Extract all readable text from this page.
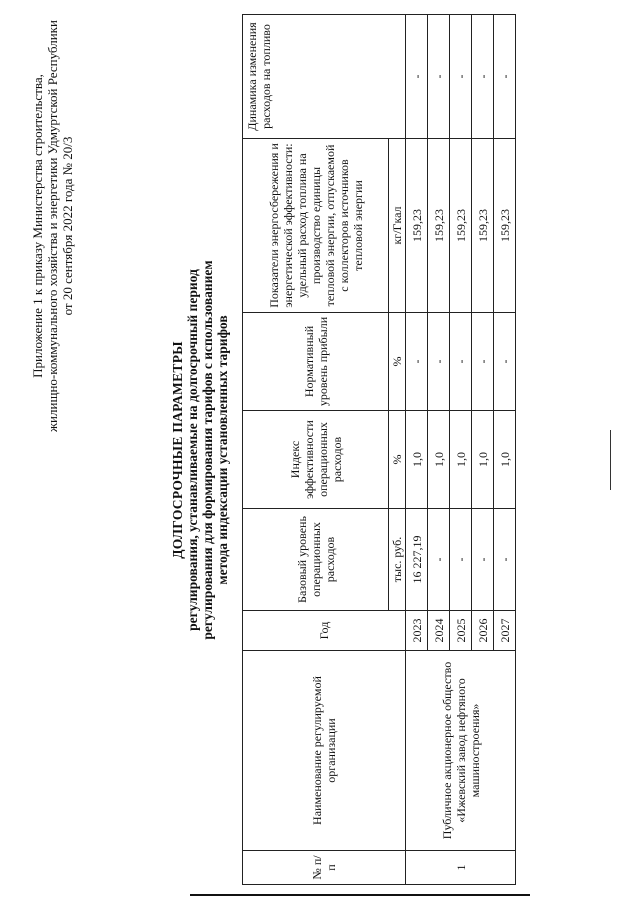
Приложение 1 к приказу Министерства строительства, жилищно-коммунального хозяйства и энергетики Удмуртской Республики от 20 сентября 2022 года № 20/3
ДОЛГОСРОЧНЫЕ ПАРАМЕТРЫ регулирования, устанавливаемые на долгосрочный период регулирования для формирования тарифов с использованием метода индексации установленных тарифов
№ п/п	Наименование регулируемой организации	Год	Базовый уровень операционных расходов	Индекс эффективности операционных расходов	Нормативный уровень прибыли	Показатели энергосбережения и энергетической эффективности: удельный расход топлива на производство единицы тепловой энергии, отпускаемой с коллекторов источников тепловой энергии	Динамика изменения расходов на топливо
			тыс. руб.	%	%	кг/Гкал	
1	Публичное акционерное общество «Ижевский завод нефтяного машиностроения»	2023	16 227,19	1,0	-	159,23	-
		2024	-	1,0	-	159,23	-
		2025	-	1,0	-	159,23	-
		2026	-	1,0	-	159,23	-
		2027	-	1,0	-	159,23	-
